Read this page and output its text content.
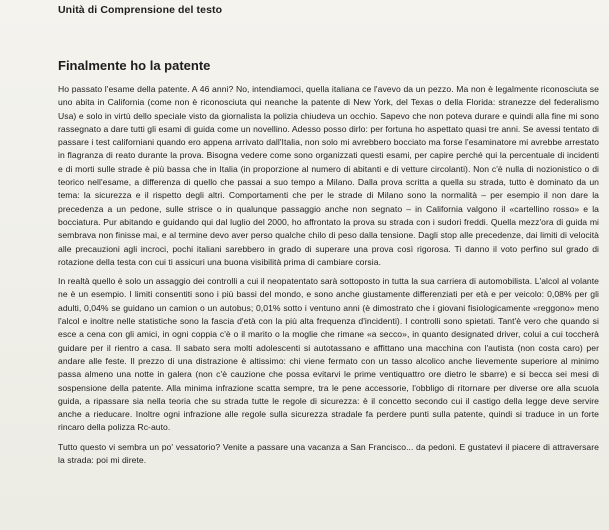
Unità di Comprensione del testo
Finalmente ho la patente

Ho passato l'esame della patente. A 46 anni? No, intendiamoci, quella italiana ce l'avevo da un pezzo. Ma non è legalmente riconosciuta se uno abita in California (come non è riconosciuta qui neanche la patente di New York, del Texas o della Florida: stranezze del federalismo Usa) e solo in virtù dello speciale visto da giornalista la polizia chiudeva un occhio. Sapevo che non poteva durare e quindi alla fine mi sono rassegnato a dare tutti gli esami di guida come un novellino. Adesso posso dirlo: per fortuna ho aspettato quasi tre anni. Se avessi tentato di passare i test californiani quando ero appena arrivato dall'Italia, non solo mi avrebbero bocciato ma forse l'esaminatore mi avrebbe arrestato in flagranza di reato durante la prova. Bisogna vedere come sono organizzati questi esami, per capire perché qui la percentuale di incidenti e di morti sulle strade è più bassa che in Italia (in proporzione al numero di abitanti e di vetture circolanti). Non c'è nulla di nozionistico o di teorico nell'esame, a differenza di quello che passai a suo tempo a Milano. Dalla prova scritta a quella su strada, tutto è dominato da un tema: la sicurezza e il rispetto degli altri. Comportamenti che per le strade di Milano sono la normalità – per esempio il non dare la precedenza a un pedone, sulle strisce o in qualunque passaggio anche non segnato – in California valgono il «cartellino rosso» e la bocciatura. Pur abitando e guidando qui dal luglio del 2000, ho affrontato la prova su strada con i sudori freddi. Quella mezz'ora di guida mi sembrava non finisse mai, e al termine devo aver perso qualche chilo di peso dalla tensione. Dagli stop alle precedenze, dai limiti di velocità alle precauzioni agli incroci, pochi italiani sarebbero in grado di superare una prova così rigorosa. Ti danno il voto perfino sul grado di rotazione della testa con cui ti assicuri una buona visibilità prima di cambiare corsia.

In realtà quello è solo un assaggio dei controlli a cui il neopatentato sarà sottoposto in tutta la sua carriera di automobilista. L'alcol al volante ne è un esempio. I limiti consentiti sono i più bassi del mondo, e sono anche giustamente differenziati per età e per veicolo: 0,08% per gli adulti, 0,04% se guidano un camion o un autobus; 0,01% sotto i ventuno anni (è dimostrato che i giovani fisiologicamente «reggono» meno l'alcol e inoltre nelle statistiche sono la fascia d'età con la più alta frequenza d'incidenti). I controlli sono spietati. Tant'è vero che quando si esce a cena con gli amici, in ogni coppia c'è o il marito o la moglie che rimane «a secco», in quanto designated driver, colui a cui toccherà guidare per il rientro a casa. Il sabato sera molti adolescenti si autotassano e affittano una macchina con l'autista (non costa caro) per andare alle feste. Il prezzo di una distrazione è altissimo: chi viene fermato con un tasso alcolico anche lievemente superiore al minimo passa almeno una notte in galera (non c'è cauzione che possa evitarvi le prime ventiquattro ore dietro le sbarre) e si becca sei mesi di sospensione della patente. Alla minima infrazione scatta sempre, tra le pene accessorie, l'obbligo di ritornare per diverse ore alla scuola guida, a ripassare sia nella teoria che su strada tutte le regole di sicurezza: è il concetto secondo cui il castigo della legge deve servire anche a rieducare. Inoltre ogni infrazione alle regole sulla sicurezza stradale fa perdere punti sulla patente, quindi si traduce in un forte rincaro della polizza Rc-auto.

Tutto questo vi sembra un po' vessatorio? Venite a passare una vacanza a San Francisco... da pedoni. E gustatevi il piacere di attraversare la strada: poi mi direte.
